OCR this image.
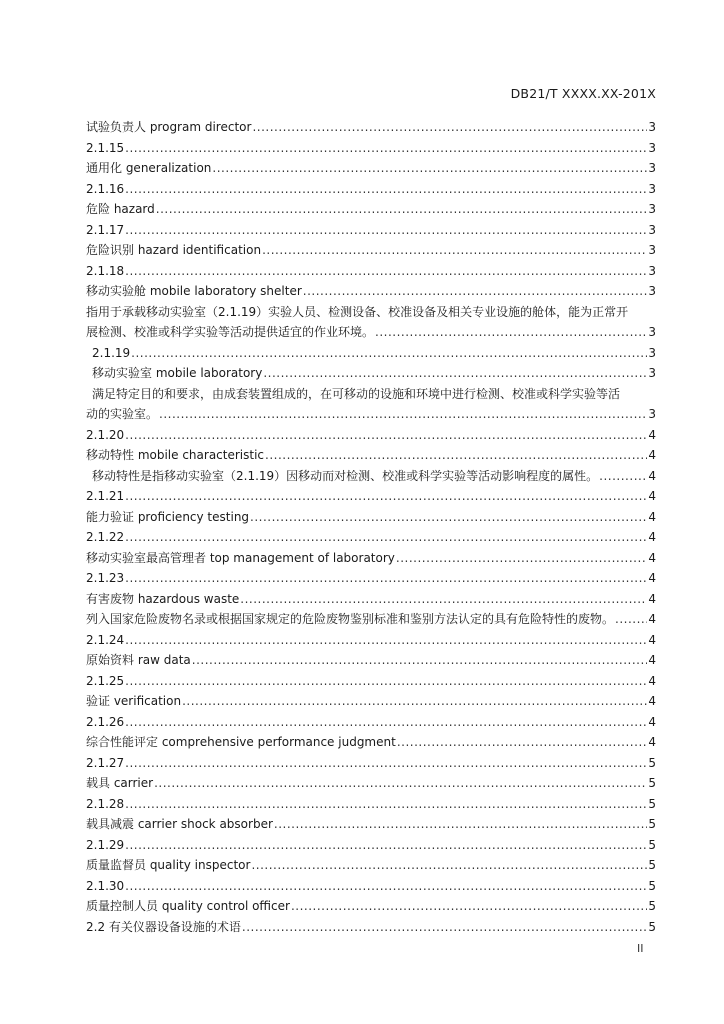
DB21/T XXXX.XX-201X
试验负责人 program director .....	3
2.1.15 .....	3
通用化 generalization .....	3
2.1.16 .....	3
危险 hazard .....	3
2.1.17 .....	3
危险识别 hazard identification .....	3
2.1.18 .....	3
移动实验舱 mobile laboratory shelter .....	3
指用于承载移动实验室（2.1.19）实验人员、检测设备、校准设备及相关专业设施的舱体，能为正常开
展检测、校准或科学实验等活动提供适宜的作业环境。 .....	3
2.1.19 .....	3
移动实验室 mobile laboratory .....	3
满足特定目的和要求，由成套装置组成的，在可移动的设施和环境中进行检测、校准或科学实验等活
动的实验室。 .....	3
2.1.20 .....	4
移动特性 mobile characteristic .....	4
移动特性是指移动实验室（2.1.19）因移动而对检测、校准或科学实验等活动影响程度的属性。 .....	4
2.1.21 .....	4
能力验证 proficiency testing .....	4
2.1.22 .....	4
移动实验室最高管理者 top management of laboratory .....	4
2.1.23 .....	4
有害废物 hazardous waste .....	4
列入国家危险废物名录或根据国家规定的危险废物鉴别标准和鉴别方法认定的具有危险特性的废物。 .....	4
2.1.24 .....	4
原始资料 raw data .....	4
2.1.25 .....	4
验证 verification .....	4
2.1.26 .....	4
综合性能评定 comprehensive performance judgment .....	4
2.1.27 .....	5
载具 carrier .....	5
2.1.28 .....	5
载具减震 carrier shock absorber .....	5
2.1.29 .....	5
质量监督员 quality inspector .....	5
2.1.30 .....	5
质量控制人员 quality control officer .....	5
2.2 有关仪器设备设施的术语 .....	5
II
